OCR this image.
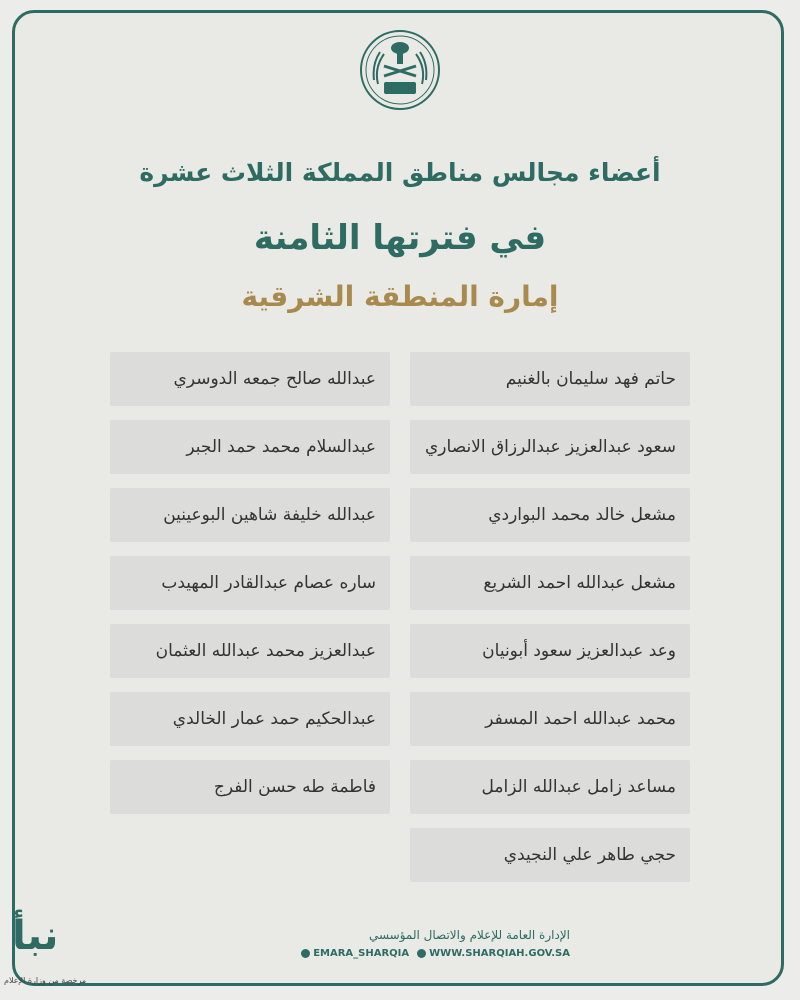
أعضاء مجالس مناطق المملكة الثلاث عشرة
في فترتها الثامنة
إمارة المنطقة الشرقية
حاتم فهد سليمان بالغنيم
عبدالله صالح جمعه الدوسري
سعود عبدالعزيز عبدالرزاق الانصاري
عبدالسلام محمد حمد الجبر
مشعل خالد محمد البواردي
عبدالله خليفة شاهين البوعينين
مشعل عبدالله احمد الشريع
ساره عصام عبدالقادر المهيدب
وعد عبدالعزيز سعود أبونيان
عبدالعزيز محمد عبدالله العثمان
محمد عبدالله احمد المسفر
عبدالحكيم حمد عمار الخالدي
مساعد زامل عبدالله الزامل
فاطمة طه حسن الفرج
حجي طاهر علي النجيدي
الإدارة العامة للإعلام والاتصال المؤسسي
EMARA_SHARQIA WWW.SHARQIAH.GOV.SA
نبأ
مرخصة من وزارة الإعلام
